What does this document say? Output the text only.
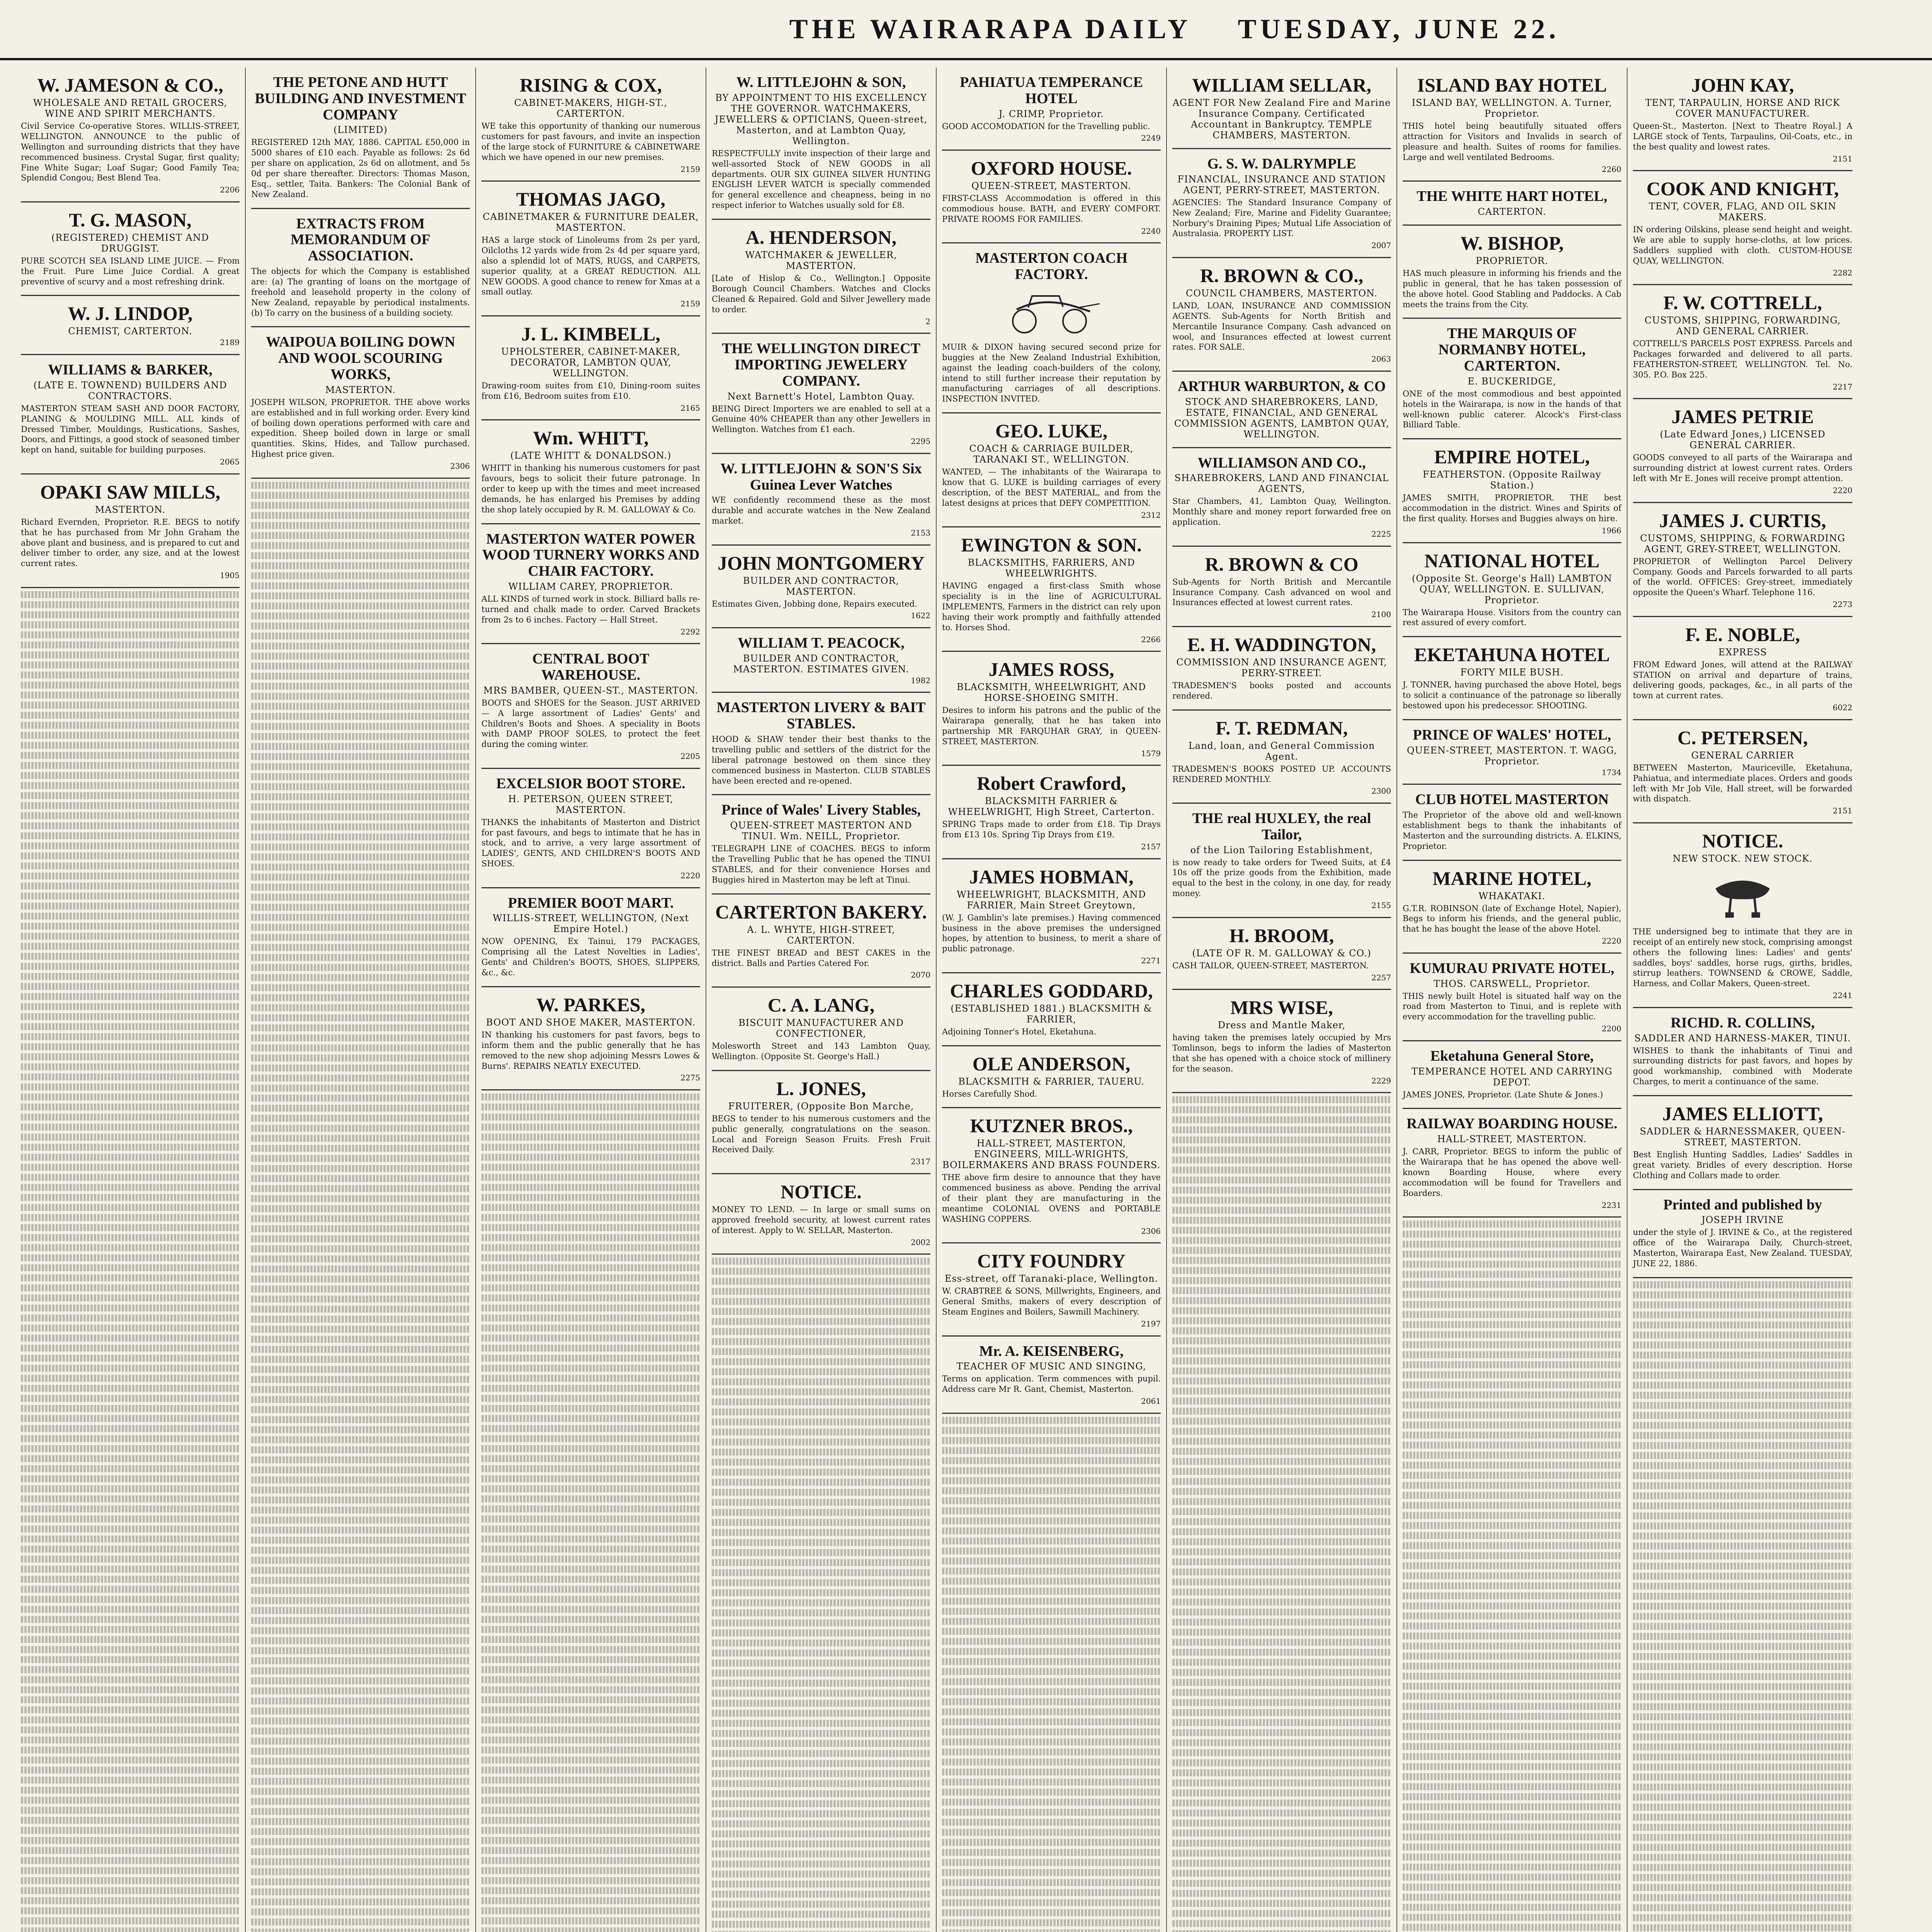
THE WAIRARAPA DAILY TUESDAY, JUNE 22.
W. JAMESON & CO.,
WHOLESALE AND RETAIL GROCERS, WINE AND SPIRIT MERCHANTS.

Civil Service Co-operative Stores. WILLIS-STREET, WELLINGTON. ANNOUNCE to the public of Wellington and surrounding districts that they have recommenced business. Crystal Sugar, first quality; Fine White Sugar; Loaf Sugar; Good Family Tea; Splendid Congou; Best Blend Tea.

2206

T. G. MASON,
(REGISTERED) CHEMIST AND DRUGGIST.

PURE SCOTCH SEA ISLAND LIME JUICE. — From the Fruit. Pure Lime Juice Cordial. A great preventive of scurvy and a most refreshing drink.

W. J. LINDOP,
CHEMIST, CARTERTON.

2189

WILLIAMS & BARKER,
(LATE E. TOWNEND) BUILDERS AND CONTRACTORS.

MASTERTON STEAM SASH AND DOOR FACTORY, PLANING & MOULDING MILL. ALL kinds of Dressed Timber, Mouldings, Rustications, Sashes, Doors, and Fittings, a good stock of seasoned timber kept on hand, suitable for building purposes.

2065

OPAKI SAW MILLS,
MASTERTON.

Richard Evernden, Proprietor. R.E. BEGS to notify that he has purchased from Mr John Graham the above plant and business, and is prepared to cut and deliver timber to order, any size, and at the lowest current rates.

1905

THE PETONE AND HUTT BUILDING AND INVESTMENT COMPANY
(LIMITED)

REGISTERED 12th MAY, 1886. CAPITAL £50,000 in 5000 shares of £10 each. Payable as follows: 2s 6d per share on application, 2s 6d on allotment, and 5s 0d per share thereafter. Directors: Thomas Mason, Esq., settler, Taita. Bankers: The Colonial Bank of New Zealand.

EXTRACTS FROM MEMORANDUM OF ASSOCIATION.

The objects for which the Company is established are: (a) The granting of loans on the mortgage of freehold and leasehold property in the colony of New Zealand, repayable by periodical instalments. (b) To carry on the business of a building society.

WAIPOUA BOILING DOWN AND WOOL SCOURING WORKS,
MASTERTON.

JOSEPH WILSON, PROPRIETOR. THE above works are established and in full working order. Every kind of boiling down operations performed with care and expedition. Sheep boiled down in large or small quantities. Skins, Hides, and Tallow purchased. Highest price given.

2306

RISING & COX,
CABINET-MAKERS, HIGH-ST., CARTERTON.

WE take this opportunity of thanking our numerous customers for past favours, and invite an inspection of the large stock of FURNITURE & CABINETWARE which we have opened in our new premises.

2159

THOMAS JAGO,
CABINETMAKER & FURNITURE DEALER, MASTERTON.

HAS a large stock of Linoleums from 2s per yard, Oilcloths 12 yards wide from 2s 4d per square yard, also a splendid lot of MATS, RUGS, and CARPETS, superior quality, at a GREAT REDUCTION. ALL NEW GOODS. A good chance to renew for Xmas at a small outlay.

2159

J. L. KIMBELL,
UPHOLSTERER, CABINET-MAKER, DECORATOR, LAMBTON QUAY, WELLINGTON.

Drawing-room suites from £10, Dining-room suites from £16, Bedroom suites from £10.

2165

Wm. WHITT,
(LATE WHITT & DONALDSON.)

WHITT in thanking his numerous customers for past favours, begs to solicit their future patronage. In order to keep up with the times and meet increased demands, he has enlarged his Premises by adding the shop lately occupied by R. M. GALLOWAY & Co.

MASTERTON WATER POWER WOOD TURNERY WORKS AND CHAIR FACTORY.
WILLIAM CAREY, PROPRIETOR.

ALL KINDS of turned work in stock. Billiard balls re-turned and chalk made to order. Carved Brackets from 2s to 6 inches. Factory — Hall Street.

2292

CENTRAL BOOT WAREHOUSE.
MRS BAMBER, QUEEN-ST., MASTERTON.

BOOTS and SHOES for the Season. JUST ARRIVED — A large assortment of Ladies' Gents' and Children's Boots and Shoes. A speciality in Boots with DAMP PROOF SOLES, to protect the feet during the coming winter.

2205

EXCELSIOR BOOT STORE.
H. PETERSON, QUEEN STREET, MASTERTON.

THANKS the inhabitants of Masterton and District for past favours, and begs to intimate that he has in stock, and to arrive, a very large assortment of LADIES', GENTS, AND CHILDREN'S BOOTS AND SHOES.

2220

PREMIER BOOT MART.
WILLIS-STREET, WELLINGTON, (Next Empire Hotel.)

NOW OPENING, Ex Tainui, 179 PACKAGES, Comprising all the Latest Novelties in Ladies', Gents' and Children's BOOTS, SHOES, SLIPPERS, &c., &c.

W. PARKES,
BOOT AND SHOE MAKER, MASTERTON.

IN thanking his customers for past favors, begs to inform them and the public generally that he has removed to the new shop adjoining Messrs Lowes & Burns'. REPAIRS NEATLY EXECUTED.

2275

W. LITTLEJOHN & SON,
BY APPOINTMENT TO HIS EXCELLENCY THE GOVERNOR. WATCHMAKERS, JEWELLERS & OPTICIANS, Queen-street, Masterton, and at Lambton Quay, Wellington.

RESPECTFULLY invite inspection of their large and well-assorted Stock of NEW GOODS in all departments. OUR SIX GUINEA SILVER HUNTING ENGLISH LEVER WATCH is specially commended for general excellence and cheapness, being in no respect inferior to Watches usually sold for £8.

A. HENDERSON,
WATCHMAKER & JEWELLER, MASTERTON.

[Late of Hislop & Co., Wellington.] Opposite Borough Council Chambers. Watches and Clocks Cleaned & Repaired. Gold and Silver Jewellery made to order.

2

THE WELLINGTON DIRECT IMPORTING JEWELERY COMPANY.
Next Barnett's Hotel, Lambton Quay.

BEING Direct Importers we are enabled to sell at a Genuine 40% CHEAPER than any other Jewellers in Wellington. Watches from £1 each.

2295

W. LITTLEJOHN & SON'S Six Guinea Lever Watches

WE confidently recommend these as the most durable and accurate watches in the New Zealand market.

2153

JOHN MONTGOMERY
BUILDER AND CONTRACTOR, MASTERTON.

Estimates Given, Jobbing done, Repairs executed.

1622

WILLIAM T. PEACOCK,
BUILDER AND CONTRACTOR, MASTERTON. ESTIMATES GIVEN.

1982

MASTERTON LIVERY & BAIT STABLES.

HOOD & SHAW tender their best thanks to the travelling public and settlers of the district for the liberal patronage bestowed on them since they commenced business in Masterton. CLUB STABLES have been erected and re-opened.

Prince of Wales' Livery Stables,
QUEEN-STREET MASTERTON AND TINUI. Wm. NEILL, Proprietor.

TELEGRAPH LINE of COACHES. BEGS to inform the Travelling Public that he has opened the TINUI STABLES, and for their convenience Horses and Buggies hired in Masterton may be left at Tinui.

CARTERTON BAKERY.
A. L. WHYTE, HIGH-STREET, CARTERTON.

THE FINEST BREAD and BEST CAKES in the district. Balls and Parties Catered For.

2070

C. A. LANG,
BISCUIT MANUFACTURER AND CONFECTIONER,

Molesworth Street and 143 Lambton Quay, Wellington. (Opposite St. George's Hall.)

L. JONES,
FRUITERER, (Opposite Bon Marche,

BEGS to tender to his numerous customers and the public generally, congratulations on the season. Local and Foreign Season Fruits. Fresh Fruit Received Daily.

2317

NOTICE.

MONEY TO LEND. — In large or small sums on approved freehold security, at lowest current rates of interest. Apply to W. SELLAR, Masterton.

2002

PAHIATUA TEMPERANCE HOTEL
J. CRIMP, Proprietor.

GOOD ACCOMODATION for the Travelling public.

2249

OXFORD HOUSE.
QUEEN-STREET, MASTERTON.

FIRST-CLASS Accommodation is offered in this commodious house. BATH, and EVERY COMFORT. PRIVATE ROOMS FOR FAMILIES.

2240

MASTERTON COACH FACTORY.

MUIR & DIXON having secured second prize for buggies at the New Zealand Industrial Exhibition, against the leading coach-builders of the colony, intend to still further increase their reputation by manufacturing carriages of all descriptions. INSPECTION INVITED.

GEO. LUKE,
COACH & CARRIAGE BUILDER, TARANAKI ST., WELLINGTON.

WANTED, — The inhabitants of the Wairarapa to know that G. LUKE is building carriages of every description, of the BEST MATERIAL, and from the latest designs at prices that DEFY COMPETITION.

2312

EWINGTON & SON.
BLACKSMITHS, FARRIERS, AND WHEELWRIGHTS.

HAVING engaged a first-class Smith whose speciality is in the line of AGRICULTURAL IMPLEMENTS, Farmers in the district can rely upon having their work promptly and faithfully attended to. Horses Shod.

2266

JAMES ROSS,
BLACKSMITH, WHEELWRIGHT, AND HORSE-SHOEING SMITH.

Desires to inform his patrons and the public of the Wairarapa generally, that he has taken into partnership MR FARQUHAR GRAY, in QUEEN-STREET, MASTERTON.

1579

Robert Crawford,
BLACKSMITH FARRIER & WHEELWRIGHT, High Street, Carterton.

SPRING Traps made to order from £18. Tip Drays from £13 10s. Spring Tip Drays from £19.

2157

JAMES HOBMAN,
WHEELWRIGHT, BLACKSMITH, AND FARRIER, Main Street Greytown,

(W. J. Gamblin's late premises.) Having commenced business in the above premises the undersigned hopes, by attention to business, to merit a share of public patronage.

2271

CHARLES GODDARD,
(ESTABLISHED 1881.) BLACKSMITH & FARRIER,

Adjoining Tonner's Hotel, Eketahuna.

OLE ANDERSON,
BLACKSMITH & FARRIER, TAUERU.

Horses Carefully Shod.

KUTZNER BROS.,
HALL-STREET, MASTERTON, ENGINEERS, MILL-WRIGHTS, BOILERMAKERS AND BRASS FOUNDERS.

THE above firm desire to announce that they have commenced business as above. Pending the arrival of their plant they are manufacturing in the meantime COLONIAL OVENS and PORTABLE WASHING COPPERS.

2306

CITY FOUNDRY
Ess-street, off Taranaki-place, Wellington.

W. CRABTREE & SONS, Millwrights, Engineers, and General Smiths, makers of every description of Steam Engines and Boilers, Sawmill Machinery.

2197

Mr. A. KEISENBERG,
TEACHER OF MUSIC AND SINGING,

Terms on application. Term commences with pupil. Address care Mr R. Gant, Chemist, Masterton.

2061

WILLIAM SELLAR,
AGENT FOR New Zealand Fire and Marine Insurance Company. Certificated Accountant in Bankruptcy. TEMPLE CHAMBERS, MASTERTON.
G. S. W. DALRYMPLE
FINANCIAL, INSURANCE AND STATION AGENT, PERRY-STREET, MASTERTON.

AGENCIES: The Standard Insurance Company of New Zealand; Fire, Marine and Fidelity Guarantee; Norbury's Draining Pipes; Mutual Life Association of Australasia. PROPERTY LIST.

2007

R. BROWN & CO.,
COUNCIL CHAMBERS, MASTERTON.

LAND, LOAN, INSURANCE AND COMMISSION AGENTS. Sub-Agents for North British and Mercantile Insurance Company. Cash advanced on wool, and Insurances effected at lowest current rates. FOR SALE.

2063

ARTHUR WARBURTON, & CO
STOCK AND SHAREBROKERS, LAND, ESTATE, FINANCIAL, AND GENERAL COMMISSION AGENTS, LAMBTON QUAY, WELLINGTON.
WILLIAMSON AND CO.,
SHAREBROKERS, LAND AND FINANCIAL AGENTS,

Star Chambers, 41, Lambton Quay, Wellington. Monthly share and money report forwarded free on application.

2225

R. BROWN & CO

Sub-Agents for North British and Mercantile Insurance Company. Cash advanced on wool and Insurances effected at lowest current rates.

2100

E. H. WADDINGTON,
COMMISSION AND INSURANCE AGENT, PERRY-STREET.

TRADESMEN'S books posted and accounts rendered.

F. T. REDMAN,
Land, loan, and General Commission Agent.

TRADESMEN'S BOOKS POSTED UP. ACCOUNTS RENDERED MONTHLY.

2300

THE real HUXLEY, the real Tailor,
of the Lion Tailoring Establishment,

is now ready to take orders for Tweed Suits, at £4 10s off the prize goods from the Exhibition, made equal to the best in the colony, in one day, for ready money.

2155

H. BROOM,
(LATE OF R. M. GALLOWAY & CO.)

CASH TAILOR, QUEEN-STREET, MASTERTON.

2257

MRS WISE,
Dress and Mantle Maker,

having taken the premises lately occupied by Mrs Tomlinson, begs to inform the ladies of Masterton that she has opened with a choice stock of millinery for the season.

2229

ISLAND BAY HOTEL
ISLAND BAY, WELLINGTON. A. Turner, Proprietor.

THIS hotel being beautifully situated offers attraction for Visitors and Invalids in search of pleasure and health. Suites of rooms for families. Large and well ventilated Bedrooms.

2260

THE WHITE HART HOTEL,
CARTERTON.
W. BISHOP,
PROPRIETOR.

HAS much pleasure in informing his friends and the public in general, that he has taken possession of the above hotel. Good Stabling and Paddocks. A Cab meets the trains from the City.

THE MARQUIS OF NORMANBY HOTEL, CARTERTON.
E. BUCKERIDGE,

ONE of the most commodious and best appointed hotels in the Wairarapa, is now in the hands of that well-known public caterer. Alcock's First-class Billiard Table.

EMPIRE HOTEL,
FEATHERSTON. (Opposite Railway Station.)

JAMES SMITH, PROPRIETOR. THE best accommodation in the district. Wines and Spirits of the first quality. Horses and Buggies always on hire.

1966

NATIONAL HOTEL
(Opposite St. George's Hall) LAMBTON QUAY, WELLINGTON. E. SULLIVAN, Proprietor.

The Wairarapa House. Visitors from the country can rest assured of every comfort.

EKETAHUNA HOTEL
FORTY MILE BUSH.

J. TONNER, having purchased the above Hotel, begs to solicit a continuance of the patronage so liberally bestowed upon his predecessor. SHOOTING.

PRINCE OF WALES' HOTEL,
QUEEN-STREET, MASTERTON. T. WAGG, Proprietor.

1734

CLUB HOTEL MASTERTON

The Proprietor of the above old and well-known establishment begs to thank the inhabitants of Masterton and the surrounding districts. A. ELKINS, Proprietor.

MARINE HOTEL,
WHAKATAKI.

G.T.R. ROBINSON (late of Exchange Hotel, Napier), Begs to inform his friends, and the general public, that he has bought the lease of the above Hotel.

2220

KUMURAU PRIVATE HOTEL,
THOS. CARSWELL, Proprietor.

THIS newly built Hotel is situated half way on the road from Masterton to Tinui, and is replete with every accommodation for the travelling public.

2200

Eketahuna General Store,
TEMPERANCE HOTEL AND CARRYING DEPOT.

JAMES JONES, Proprietor. (Late Shute & Jones.)

RAILWAY BOARDING HOUSE.
HALL-STREET, MASTERTON.

J. CARR, Proprietor. BEGS to inform the public of the Wairarapa that he has opened the above well-known Boarding House, where every accommodation will be found for Travellers and Boarders.

2231

JOHN KAY,
TENT, TARPAULIN, HORSE AND RICK COVER MANUFACTURER.

Queen-St., Masterton. [Next to Theatre Royal.] A LARGE stock of Tents, Tarpaulins, Oil-Coats, etc., in the best quality and lowest rates.

2151

COOK AND KNIGHT,
TENT, COVER, FLAG, AND OIL SKIN MAKERS.

IN ordering Oilskins, please send height and weight. We are able to supply horse-cloths, at low prices. Saddlers supplied with cloth. CUSTOM-HOUSE QUAY, WELLINGTON.

2282

F. W. COTTRELL,
CUSTOMS, SHIPPING, FORWARDING, AND GENERAL CARRIER.

COTTRELL'S PARCELS POST EXPRESS. Parcels and Packages forwarded and delivered to all parts. FEATHERSTON-STREET, WELLINGTON. Tel. No. 305. P.O. Box 225.

2217

JAMES PETRIE
(Late Edward Jones,) LICENSED GENERAL CARRIER.

GOODS conveyed to all parts of the Wairarapa and surrounding district at lowest current rates. Orders left with Mr E. Jones will receive prompt attention.

2220

JAMES J. CURTIS,
CUSTOMS, SHIPPING, & FORWARDING AGENT, GREY-STREET, WELLINGTON.

PROPRIETOR of Wellington Parcel Delivery Company. Goods and Parcels forwarded to all parts of the world. OFFICES: Grey-street, immediately opposite the Queen's Wharf. Telephone 116.

2273

F. E. NOBLE,
EXPRESS

FROM Edward Jones, will attend at the RAILWAY STATION on arrival and departure of trains, delivering goods, packages, &c., in all parts of the town at current rates.

6022

C. PETERSEN,
GENERAL CARRIER

BETWEEN Masterton, Mauriceville, Eketahuna, Pahiatua, and intermediate places. Orders and goods left with Mr Job Vile, Hall street, will be forwarded with dispatch.

2151

NOTICE.
NEW STOCK. NEW STOCK.

THE undersigned beg to intimate that they are in receipt of an entirely new stock, comprising amongst others the following lines: Ladies' and gents' saddles, boys' saddles, horse rugs, girths, bridles, stirrup leathers. TOWNSEND & CROWE, Saddle, Harness, and Collar Makers, Queen-street.

2241

RICHD. R. COLLINS,
SADDLER AND HARNESS-MAKER, TINUI.

WISHES to thank the inhabitants of Tinui and surrounding districts for past favors, and hopes by good workmanship, combined with Moderate Charges, to merit a continuance of the same.

JAMES ELLIOTT,
SADDLER & HARNESSMAKER, QUEEN-STREET, MASTERTON.

Best English Hunting Saddles, Ladies' Saddles in great variety. Bridles of every description. Horse Clothing and Collars made to order.

Printed and published by
JOSEPH IRVINE

under the style of J. IRVINE & Co., at the registered office of the Wairarapa Daily, Church-street, Masterton, Wairarapa East, New Zealand. TUESDAY, JUNE 22, 1886.
